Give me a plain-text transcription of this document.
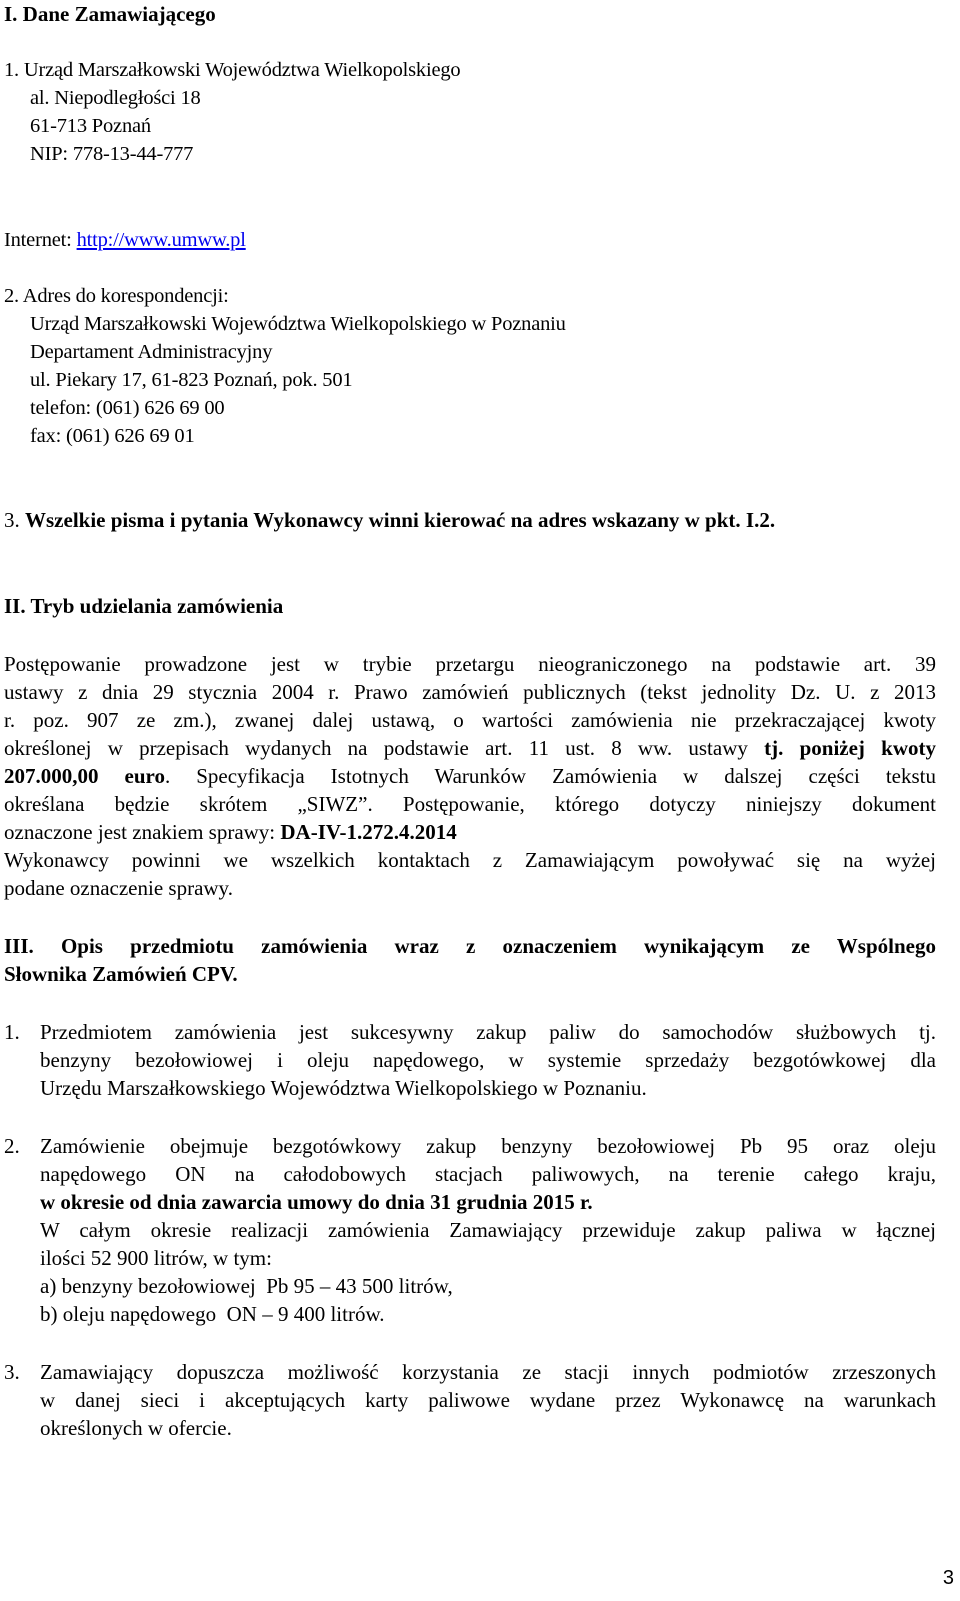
I. Dane Zamawiającego
1. Urząd Marszałkowski Województwa Wielkopolskiego
al. Niepodległości 18
61-713 Poznań
NIP: 778-13-44-777
Internet: http://www.umww.pl
2. Adres do korespondencji:
Urząd Marszałkowski Województwa Wielkopolskiego w Poznaniu
Departament Administracyjny
ul. Piekary 17, 61-823 Poznań, pok. 501
telefon: (061) 626 69 00
fax: (061) 626 69 01
3. Wszelkie pisma i pytania Wykonawcy winni kierować na adres wskazany w pkt. I.2.
II. Tryb udzielania zamówienia
Postępowanie prowadzone jest w trybie przetargu nieograniczonego na podstawie art. 39
ustawy z dnia 29 stycznia 2004 r. Prawo zamówień publicznych (tekst jednolity Dz. U. z 2013
r. poz. 907 ze zm.), zwanej dalej ustawą, o wartości zamówienia nie przekraczającej kwoty
określonej w przepisach wydanych na podstawie art. 11 ust. 8 ww. ustawy tj. poniżej kwoty
207.000,00 euro. Specyfikacja Istotnych Warunków Zamówienia w dalszej części tekstu
określana będzie skrótem „SIWZ”. Postępowanie, którego dotyczy niniejszy dokument
oznaczone jest znakiem sprawy: DA-IV-1.272.4.2014
Wykonawcy powinni we wszelkich kontaktach z Zamawiającym powoływać się na wyżej
podane oznaczenie sprawy.
III. Opis przedmiotu zamówienia wraz z oznaczeniem wynikającym ze Wspólnego
Słownika Zamówień CPV.
1. Przedmiotem zamówienia jest sukcesywny zakup paliw do samochodów służbowych tj.
benzyny bezołowiowej i oleju napędowego, w systemie sprzedaży bezgotówkowej dla
Urzędu Marszałkowskiego Województwa Wielkopolskiego w Poznaniu.
2. Zamówienie obejmuje bezgotówkowy zakup benzyny bezołowiowej Pb 95 oraz oleju
napędowego ON na całodobowych stacjach paliwowych, na terenie całego kraju,
w okresie od dnia zawarcia umowy do dnia 31 grudnia 2015 r.
W całym okresie realizacji zamówienia Zamawiający przewiduje zakup paliwa w łącznej
ilości 52 900 litrów, w tym:
a) benzyny bezołowiowej  Pb 95 – 43 500 litrów,
b) oleju napędowego  ON – 9 400 litrów.
3. Zamawiający dopuszcza możliwość korzystania ze stacji innych podmiotów zrzeszonych
w danej sieci i akceptujących karty paliwowe wydane przez Wykonawcę na warunkach
określonych w ofercie.
3
